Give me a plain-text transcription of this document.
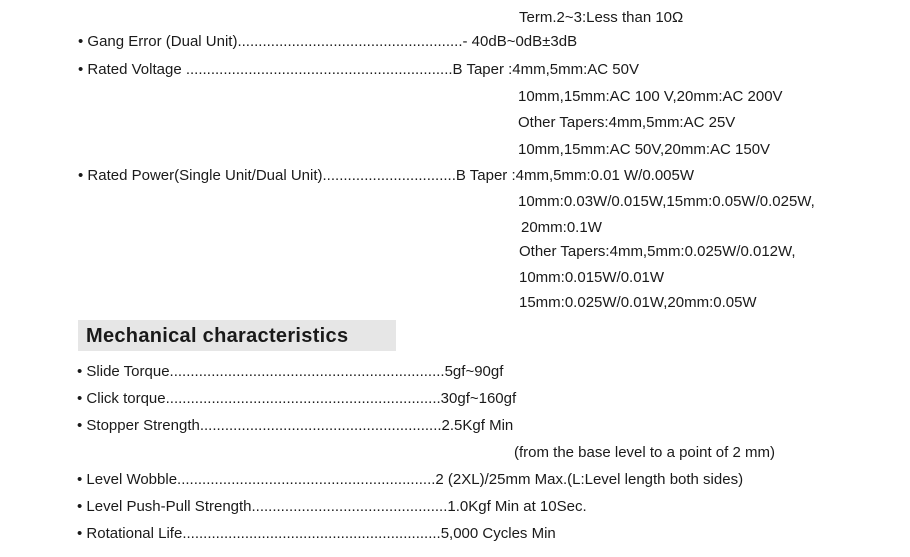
Term.2~3:Less than 10Ω
• Gang Error (Dual Unit)......................................................- 40dB~0dB±3dB
• Rated Voltage ................................................................B Taper :4mm,5mm:AC 50V
10mm,15mm:AC 100 V,20mm:AC 200V
Other Tapers:4mm,5mm:AC 25V
10mm,15mm:AC 50V,20mm:AC 150V
• Rated Power(Single Unit/Dual Unit)................................B Taper :4mm,5mm:0.01 W/0.005W
10mm:0.03W/0.015W,15mm:0.05W/0.025W,
20mm:0.1W
Other Tapers:4mm,5mm:0.025W/0.012W,
10mm:0.015W/0.01W
15mm:0.025W/0.01W,20mm:0.05W
Mechanical characteristics
• Slide Torque..................................................................5gf~90gf
• Click torque..................................................................30gf~160gf
• Stopper Strength..........................................................2.5Kgf Min
(from the base level to a point of 2 mm)
• Level Wobble..............................................................2 (2XL)/25mm Max.(L:Level length both sides)
• Level Push-Pull Strength...............................................1.0Kgf Min at 10Sec.
• Rotational Life..............................................................5,000 Cycles Min
